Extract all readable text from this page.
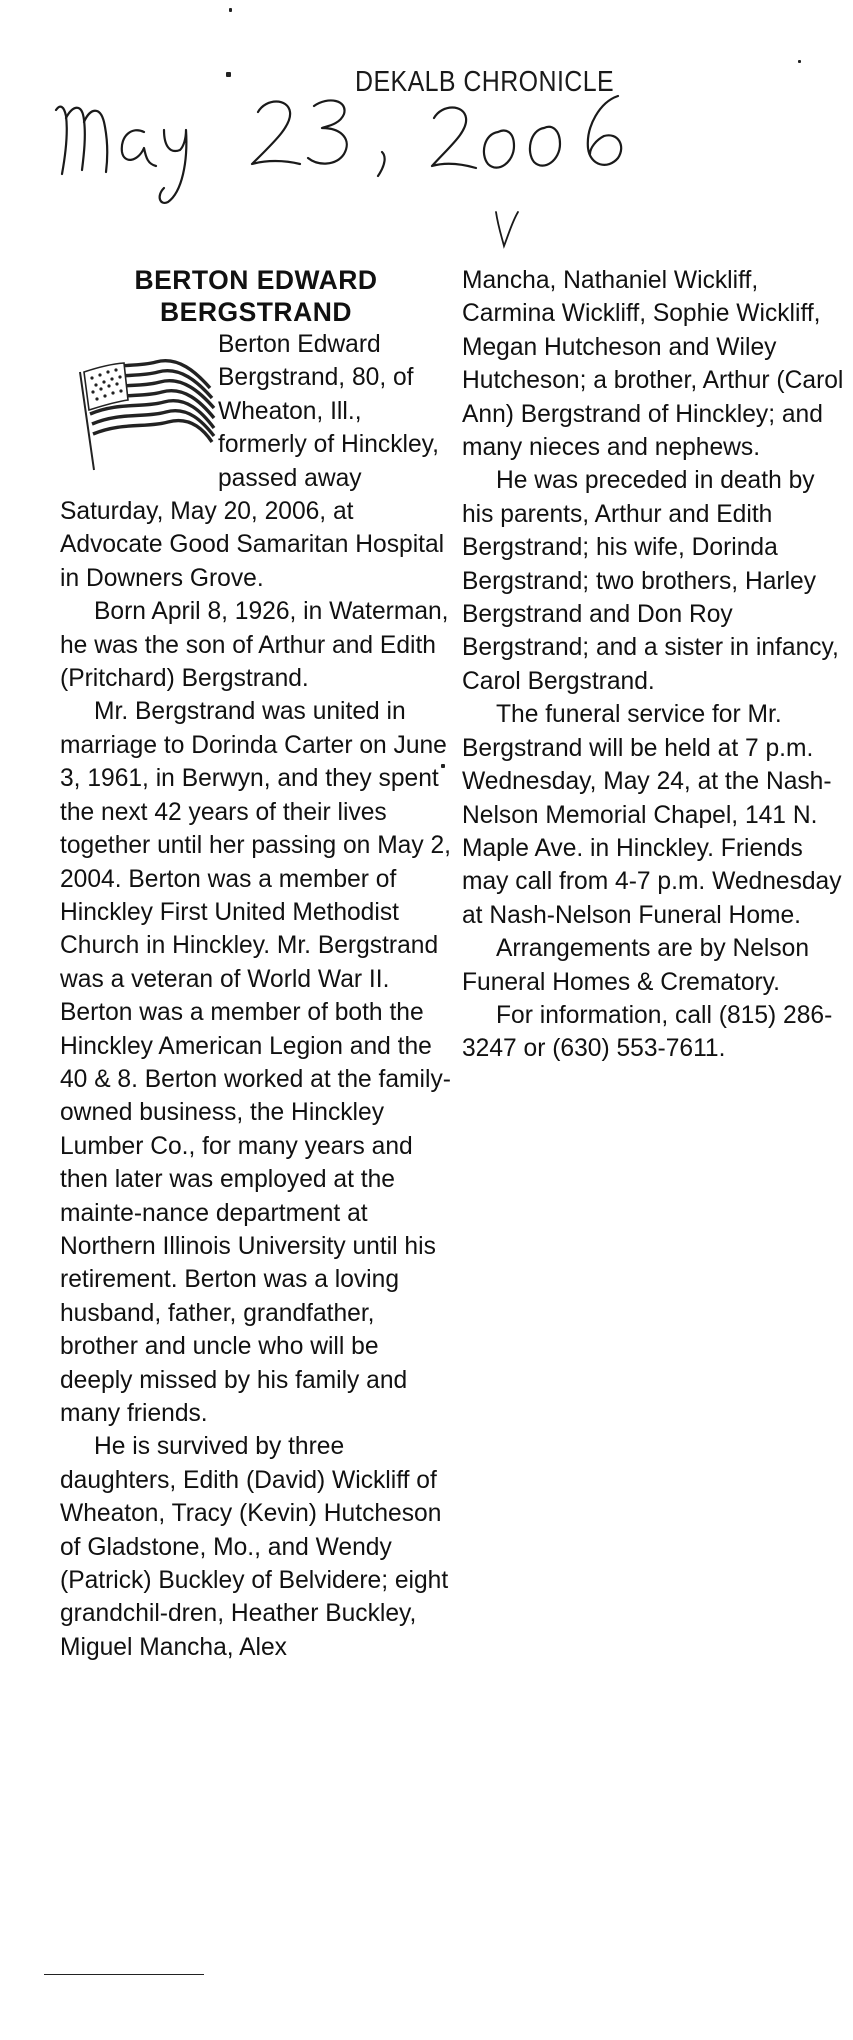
DEKALB CHRONICLE
BERTON EDWARD
BERGSTRAND

Berton Edward Bergstrand, 80, of Wheaton, Ill., formerly of Hinckley, passed away Saturday, May 20, 2006, at Advocate Good Samaritan Hospital in Downers Grove.

Born April 8, 1926, in Waterman, he was the son of Arthur and Edith (Pritchard) Bergstrand.

Mr. Bergstrand was united in marriage to Dorinda Carter on June 3, 1961, in Berwyn, and they spent the next 42 years of their lives together until her passing on May 2, 2004. Berton was a member of Hinckley First United Methodist Church in Hinckley. Mr. Bergstrand was a veteran of World War II. Berton was a member of both the Hinckley American Legion and the 40 & 8. Berton worked at the family-owned business, the Hinckley Lumber Co., for many years and then later was employed at the mainte-nance department at Northern Illinois University until his retirement. Berton was a loving husband, father, grandfather, brother and uncle who will be deeply missed by his family and many friends.

He is survived by three daughters, Edith (David) Wickliff of Wheaton, Tracy (Kevin) Hutcheson of Gladstone, Mo., and Wendy (Patrick) Buckley of Belvidere; eight grandchil-dren, Heather Buckley, Miguel Mancha, Alex

Mancha, Nathaniel Wickliff, Carmina Wickliff, Sophie Wickliff, Megan Hutcheson and Wiley Hutcheson; a brother, Arthur (Carol Ann) Bergstrand of Hinckley; and many nieces and nephews.

He was preceded in death by his parents, Arthur and Edith Bergstrand; his wife, Dorinda Bergstrand; two brothers, Harley Bergstrand and Don Roy Bergstrand; and a sister in infancy, Carol Bergstrand.

The funeral service for Mr. Bergstrand will be held at 7 p.m. Wednesday, May 24, at the Nash-Nelson Memorial Chapel, 141 N. Maple Ave. in Hinckley. Friends may call from 4-7 p.m. Wednesday at Nash-Nelson Funeral Home.

Arrangements are by Nelson Funeral Homes & Crematory.

For information, call (815) 286-3247 or (630) 553-7611.
